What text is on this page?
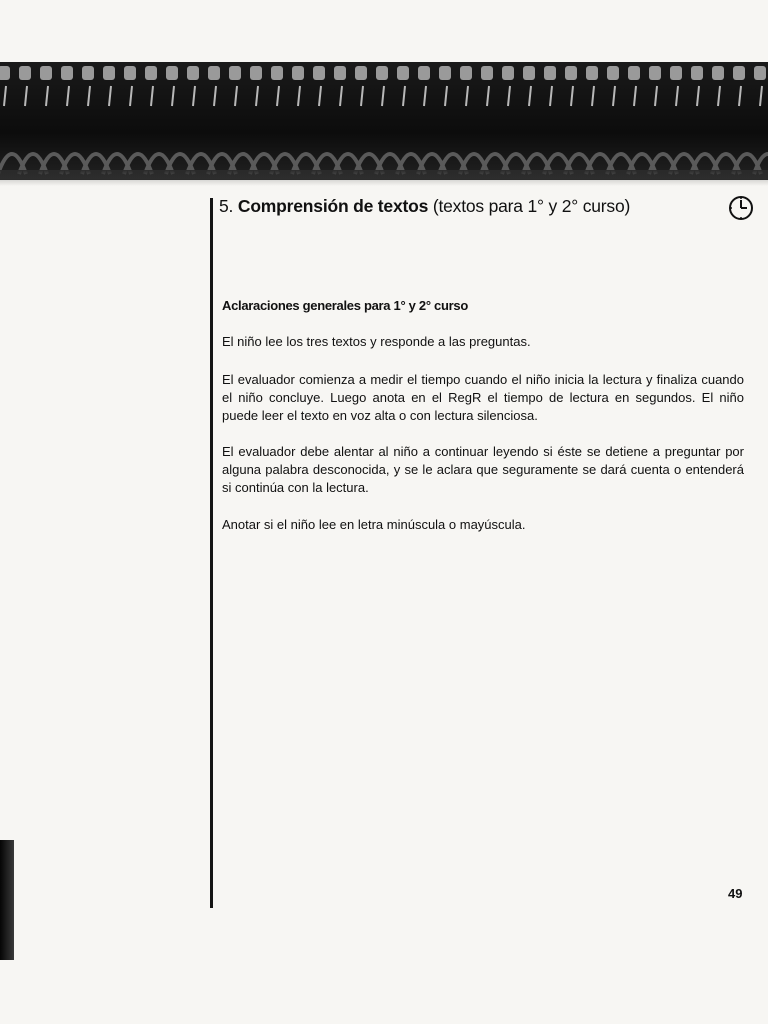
5. Comprensión de textos (textos para 1° y 2° curso)
Aclaraciones generales para 1° y 2° curso
El niño lee los tres textos y responde a las preguntas.
El evaluador comienza a medir el tiempo cuando el niño inicia la lectura y finaliza cuando el niño concluye. Luego anota en el RegR el tiempo de lectura en segundos. El niño puede leer el texto en voz alta o con lectura silenciosa.
El evaluador debe alentar al niño a continuar leyendo si éste se detiene a preguntar por alguna palabra desconocida, y se le aclara que seguramente se dará cuenta o entenderá si continúa con la lectura.
Anotar si el niño lee en letra minúscula o mayúscula.
49
